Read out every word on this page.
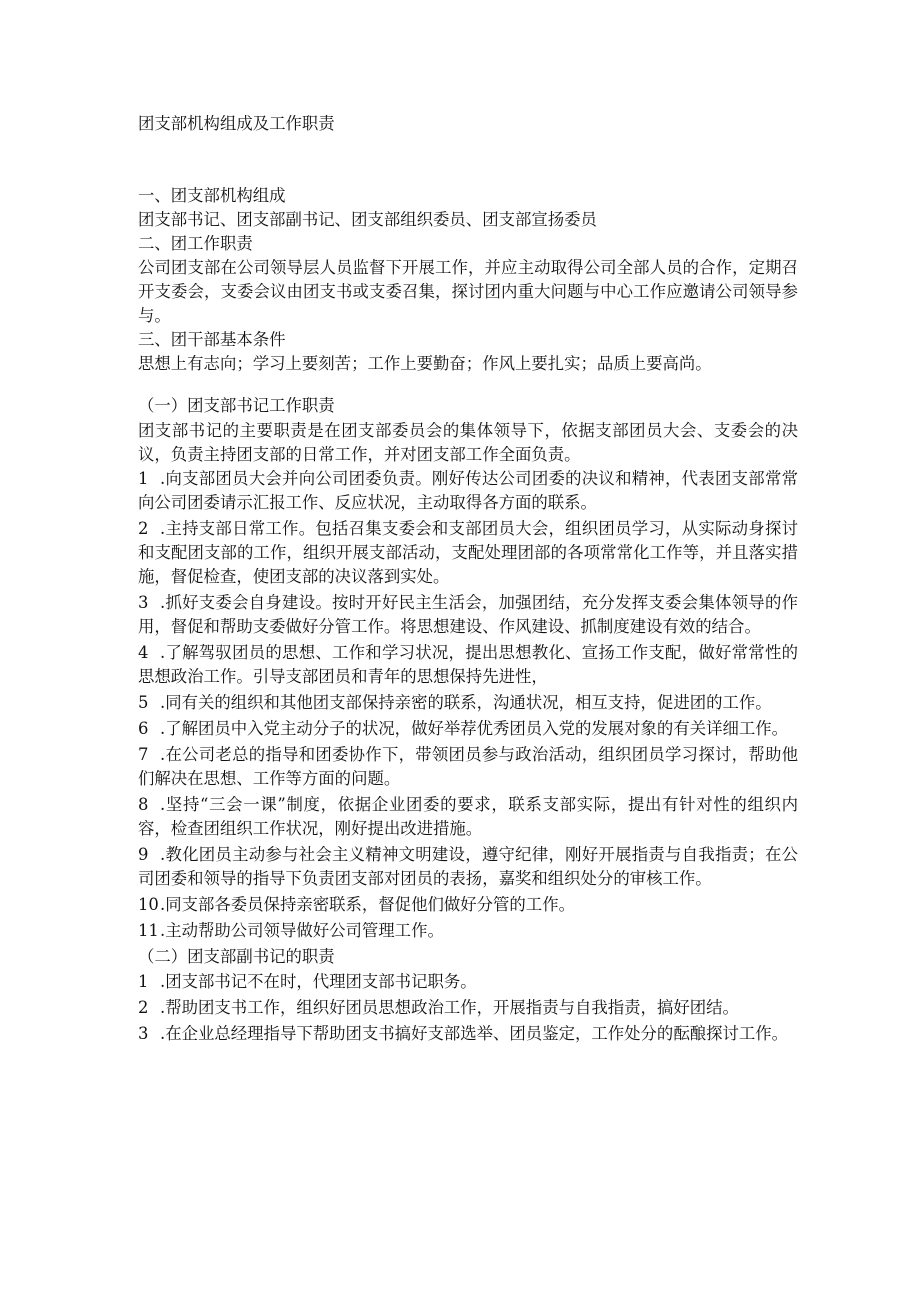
团支部机构组成及工作职责

一、团支部机构组成

团支部书记、团支部副书记、团支部组织委员、团支部宣扬委员

二、团工作职责

公司团支部在公司领导层人员监督下开展工作，并应主动取得公司全部人员的合作，定期召开支委会，支委会议由团支书或支委召集，探讨团内重大问题与中心工作应邀请公司领导参与。

三、团干部基本条件

思想上有志向；学习上要刻苦；工作上要勤奋；作风上要扎实；品质上要高尚。

（一）团支部书记工作职责

团支部书记的主要职责是在团支部委员会的集体领导下，依据支部团员大会、支委会的决议，负责主持团支部的日常工作，并对团支部工作全面负责。

1 .向支部团员大会并向公司团委负责。刚好传达公司团委的决议和精神，代表团支部常常向公司团委请示汇报工作、反应状况，主动取得各方面的联系。

2 .主持支部日常工作。包括召集支委会和支部团员大会，组织团员学习，从实际动身探讨和支配团支部的工作，组织开展支部活动，支配处理团部的各项常常化工作等，并且落实措施，督促检查，使团支部的决议落到实处。

3 .抓好支委会自身建设。按时开好民主生活会，加强团结，充分发挥支委会集体领导的作用，督促和帮助支委做好分管工作。将思想建设、作风建设、抓制度建设有效的结合。

4 .了解驾驭团员的思想、工作和学习状况，提出思想教化、宣扬工作支配，做好常常性的思想政治工作。引导支部团员和青年的思想保持先进性，

5 .同有关的组织和其他团支部保持亲密的联系，沟通状况，相互支持，促进团的工作。

6 .了解团员中入党主动分子的状况，做好举荐优秀团员入党的发展对象的有关详细工作。

7 .在公司老总的指导和团委协作下，带领团员参与政治活动，组织团员学习探讨，帮助他们解决在思想、工作等方面的问题。

8 .坚持“三会一课”制度，依据企业团委的要求，联系支部实际，提出有针对性的组织内容，检查团组织工作状况，刚好提出改进措施。

9 .教化团员主动参与社会主义精神文明建设，遵守纪律，刚好开展指责与自我指责；在公司团委和领导的指导下负责团支部对团员的表扬，嘉奖和组织处分的审核工作。

10.同支部各委员保持亲密联系，督促他们做好分管的工作。

11.主动帮助公司领导做好公司管理工作。

（二）团支部副书记的职责

1 .团支部书记不在时，代理团支部书记职务。

2 .帮助团支书工作，组织好团员思想政治工作，开展指责与自我指责，搞好团结。

3 .在企业总经理指导下帮助团支书搞好支部选举、团员鉴定，工作处分的酝酿探讨工作。
